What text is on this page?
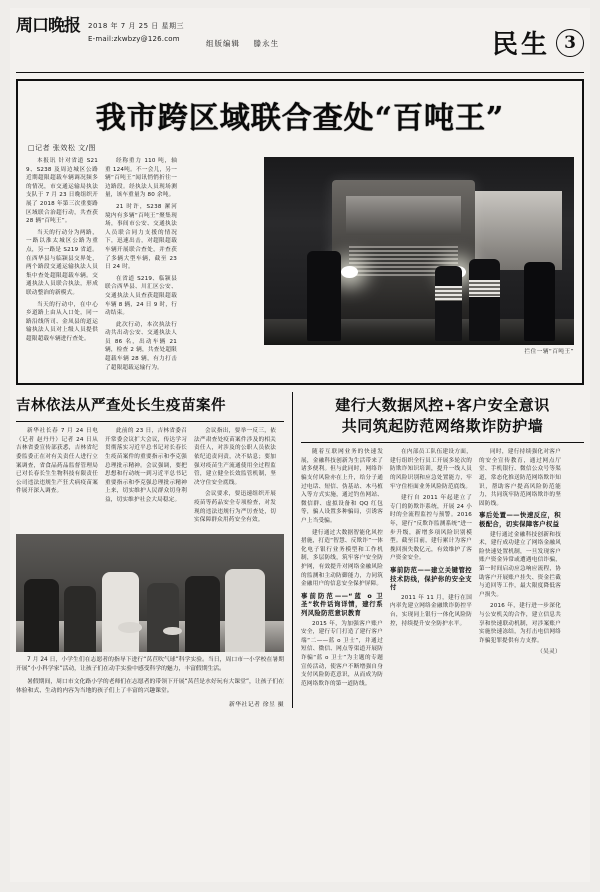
周口晚报 2018 年 7 月 25 日 星期三
E-mail:zkwbzy@126.com	组版编辑 滕永生	民生 3
我市跨区域联合查处“百吨王”
□记者 张效松 文/图

本报讯 针对省道 S219、S238 及周边城区公路近期超限超载车辆调况频多的情况，市交通运输局执法支队于 7 月 23 日晚组织开展了 2018 年第三次重要路区域联合治超行动，共查获 28 辆“百吨王”。

当天的行动分为两路，一路以淮太城区公路为重点，另一路是 S219 省道。在西华县与临颍县交界处，两个路段交通运输执法人员集中查处超限超载车辆。交通执法人员联合执法，形成联动整治的新模式。

当天的行动中，在中心乡道路上由从入口处，同一路沿线所司、金凤县的道运输执法人员对上级人员提供超限超载车辆进行查处。

经称重力 110 吨，轴重 124吨。不一会儿，另一辆“百吨王”闻讯悄悄折往一边路段。经执法人员现场测量，该车重量为 80 余吨。

21 时许，S238 漯河境内有多辆“百吨王”聚集现场，事间市公安、交通执法人员联合同力支援的情况下，迅速出击，对超限超载车辆开展联合查处，并查获了多辆大型车辆，截至 23 日 24 时。

在省道 S219、临颍县联合西华县、川汇区公安、交通执法人员查获超限超载车辆 8 辆，24 日 9 时，行动结束。

此次行动，本次执法行动共出动公安、交通执法人员 86 名，出动车辆 21 辆，检查 2 辆，共查处超限超载车辆 28 辆，有力打击了超限超载运输行为。

拦住一辆“百吨王”
吉林依法从严查处长生疫苗案件

新华社长春 7 月 24 日电（记者 赵丹丹）记者 24 日从吉林省委宣传部获悉，吉林省纪委监委正在对有关责任人进行立案调查，省食品药品监督管理局已对长春长生生物科技有限责任公司违法违规生产狂犬病疫苗案件展开深入调查。

此前的 23 日，吉林省委召开常委会议扩大会议，传达学习贯彻落实习近平总书记对长春长生疫苗案件的重要指示和李克强总理批示精神。会议强调，要把思想和行动统一到习近平总书记重要指示和李克强总理批示精神上来，切实维护人民群众切身利益，切实维护社会大局稳定。

会议指出，要举一反三，依法严肃查处疫苗案件涉及的相关责任人，对涉及的公职人员依法依纪追责问责，决不姑息；要加强对疫苗生产流通使用全过程监管，建立健全长效监管机制，坚决守住安全底线。

会议要求，要迅速组织开展疫苗等药品安全专项检查，对发现的违法违规行为严厉查处，切实保障群众用药安全有效。

7 月 24 日，小学生们在志愿者的指导下进行“莴苣吹气球”科学实验。当日，周口市一小学校在暑期开展“小小科学家”活动，让孩子们在动手实验中感受科学的魅力，丰富假期生活。
暑假期间，周口市文化路小学的老师们在志愿者的带领下开展“莴苣是水好玩有大课堂”，让孩子们在体验和式、生动的内容为当地的孩子们上了丰富的兴趣课堂。
新华社记者 徐昱 摄
建行大数据风控+客户安全意识
共同筑起防范网络欺诈防护墙

随着互联网业务的快速发展，金融科技创新为生活带来了诸多便利。但与此同时，网络诈骗支付风险亦在上升，给分子通过电话、短信、伪基站、木马植入等方式实施，通过钓鱼网站、微信群、虚拟设备和 QQ 红包等，骗人设置多种骗局，引诱客户上当受骗。

建行通过大数据智能化风控措施，打造“智慧、反欺诈”一体化电子银行业务模型和工作机制，多层防线，筑牢客户安全防护网，有效提升对网络金融风险的监测和主动防御能力，力同筑金融用户的信息安全保护屏障。

事前防范——“蓝 o 卫圣”软件话询详情，建行系列风险防范意识教育

2015 年，为加强客户账户安全，建行专门打造了建行客户端“二——蓝 o 卫士”，并通过短信、微信、网点等渠道开展防诈骗“蓝 o 卫士”为主题的专题宣传活动，使客户不断增强自身支付风险防范意识，从而成为防范网络欺诈的第一道防线。

在内部员工队伍建设方面，建行组织全行员工开展多轮次的防欺诈知识培训，提升一线人员的风险识别和应急处置能力，牢牢守住柜面业务风险防范底线。

建行自 2011 年起建立了专门的防欺诈系统，开展 24 小时的全流程监控与预警。2016 年，建行“反欺诈监测系统”进一步升级，新增多项风险识别模型。截至目前，建行累计为客户挽回损失数亿元，有效维护了客户资金安全。

事前防范——建立关键管控技术防线，保护你的安全支付

2011 年 11 月，建行在国内率先建立网络金融欺诈防控平台，实现同上银行一体化风险防控，持续提升安全防护水平。

同时，建行持续强化对客户的安全宣传教育，通过网点厅堂、手机银行、微信公众号等渠道，常态化推送防范网络欺诈知识，帮助客户提高风险防范能力，共同筑牢防范网络欺诈的坚固防线。

事后处置——快速反应，积极配合，切实保障客户权益

建行通过金融科技创新和技术，建行成功建立了网络金融风险快速处置机制，一旦发现客户账户资金异常或遭遇电信诈骗，第一时间启动应急响应流程，协助客户开展账户挂失、资金拦截与追回等工作，最大限度降低客户损失。

2016 年，建行进一步深化与公安机关的合作，建立信息共享和快速联动机制，对涉案账户实施快速冻结，为打击电信网络诈骗犯罪提供有力支撑。

（吴灵）
